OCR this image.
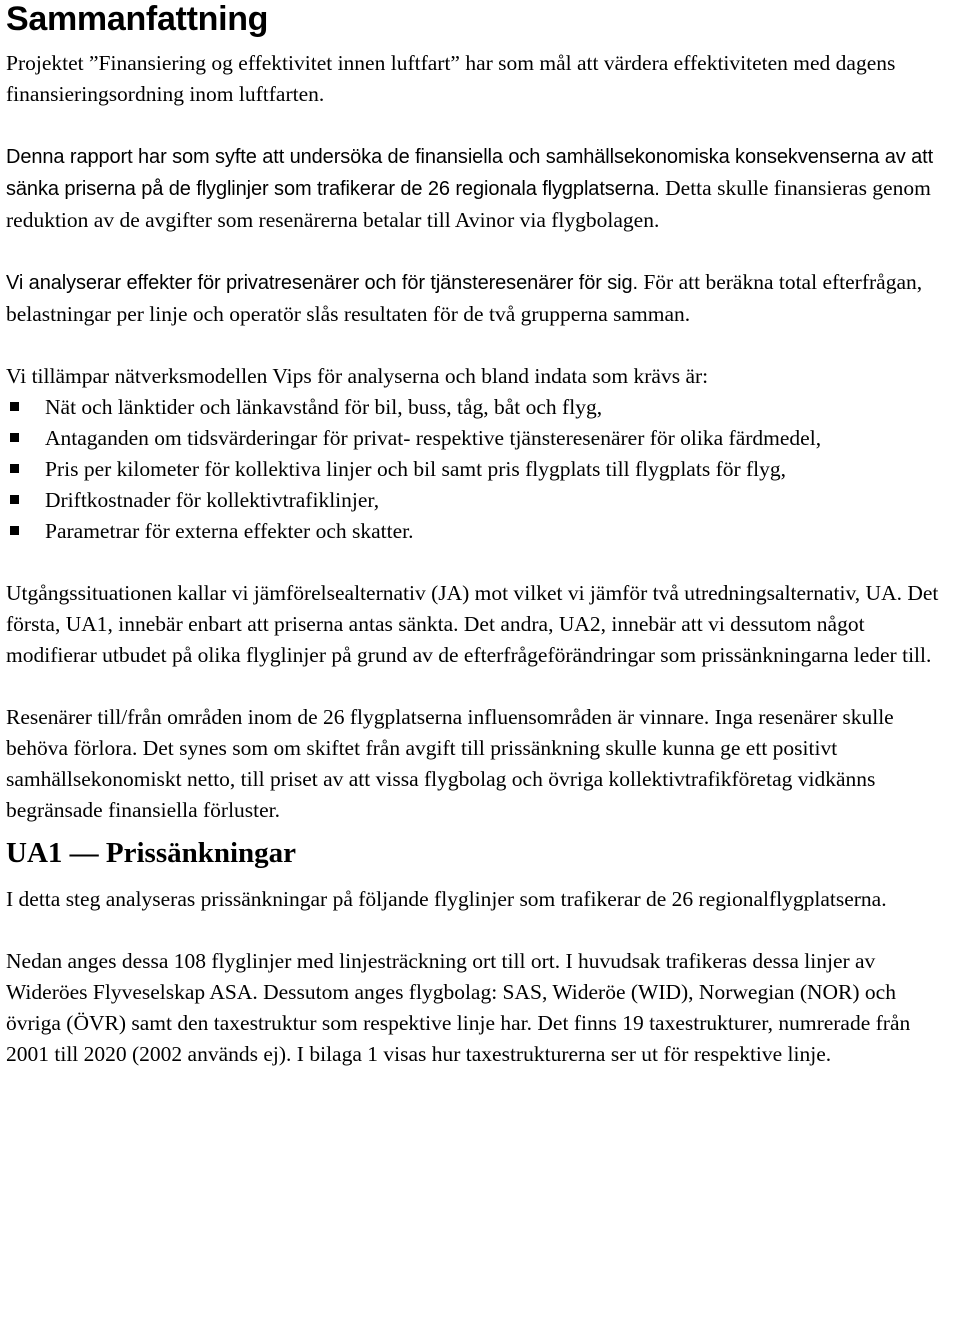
Sammanfattning

Projektet ”Finansiering og effektivitet innen luftfart” har som mål att värdera effektiviteten med dagens finansieringsordning inom luftfarten.

Denna rapport har som syfte att undersöka de finansiella och samhällsekonomiska konsekvenserna av att sänka priserna på de flyglinjer som trafikerar de 26 regionala flygplatserna. Detta skulle finansieras genom reduktion av de avgifter som resenärerna betalar till Avinor via flygbolagen.

Vi analyserar effekter för privatresenärer och för tjänsteresenärer för sig. För att beräkna total efterfrågan, belastningar per linje och operatör slås resultaten för de två grupperna samman.

Vi tillämpar nätverksmodellen Vips för analyserna och bland indata som krävs är:

Nät och länktider och länkavstånd för bil, buss, tåg, båt och flyg,
Antaganden om tidsvärderingar för privat- respektive tjänsteresenärer för olika färdmedel,
Pris per kilometer för kollektiva linjer och bil samt pris flygplats till flygplats för flyg,
Driftkostnader för kollektivtrafiklinjer,
Parametrar för externa effekter och skatter.

Utgångssituationen kallar vi jämförelsealternativ (JA) mot vilket vi jämför två utredningsalternativ, UA. Det första, UA1, innebär enbart att priserna antas sänkta. Det andra, UA2, innebär att vi dessutom något modifierar utbudet på olika flyglinjer på grund av de efterfrågeförändringar som prissänkningarna leder till.

Resenärer till/från områden inom de 26 flygplatserna influensområden är vinnare. Inga resenärer skulle behöva förlora. Det synes som om skiftet från avgift till prissänkning skulle kunna ge ett positivt samhällsekonomiskt netto, till priset av att vissa flygbolag och övriga kollektivtrafikföretag vidkänns begränsade finansiella förluster.

UA1 — Prissänkningar

I detta steg analyseras prissänkningar på följande flyglinjer som trafikerar de 26 regionalflygplatserna.

Nedan anges dessa 108 flyglinjer med linjesträckning ort till ort. I huvudsak trafikeras dessa linjer av Wideröes Flyveselskap ASA. Dessutom anges flygbolag: SAS, Wideröe (WID), Norwegian (NOR) och övriga (ÖVR) samt den taxestruktur som respektive linje har. Det finns 19 taxestrukturer, numrerade från 2001 till 2020 (2002 används ej). I bilaga 1 visas hur taxestrukturerna ser ut för respektive linje.
